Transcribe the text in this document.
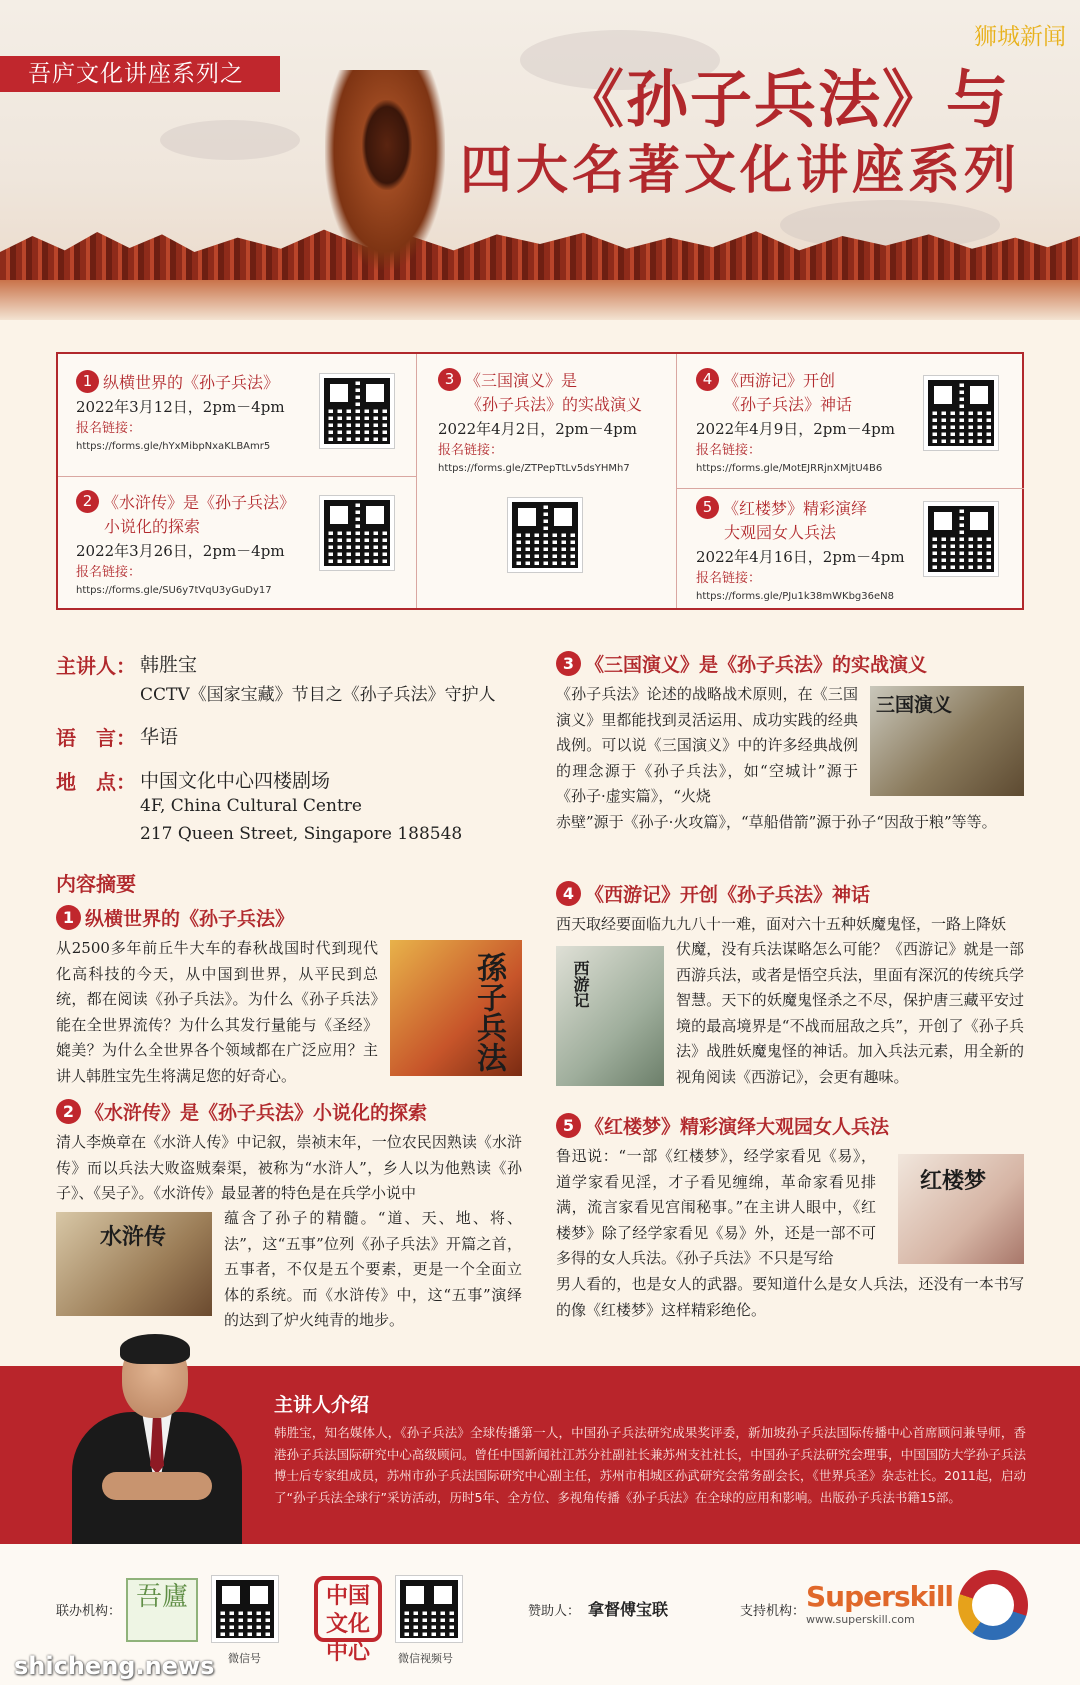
吾庐文化讲座系列之	《孙子兵法》与
四大名著文化讲座系列
狮城新闻
1 纵横世界的《孙子兵法》
2022年3月12日，2pm－4pm
报名链接：
https://forms.gle/hYxMibpNxaKLBAmr5
2 《水浒传》是《孙子兵法》
小说化的探索
2022年3月26日，2pm－4pm
报名链接：
https://forms.gle/SU6y7tVqU3yGuDy17
3 《三国演义》是
《孙子兵法》的实战演义
2022年4月2日，2pm－4pm
报名链接：
https://forms.gle/ZTPepTtLv5dsYHMh7
4 《西游记》开创
《孙子兵法》神话
2022年4月9日，2pm－4pm
报名链接：
https://forms.gle/MotEJRRjnXMjtU4B6
5 《红楼梦》精彩演绎
大观园女人兵法
2022年4月16日，2pm－4pm
报名链接：
https://forms.gle/PJu1k38mWKbg36eN8
主讲人： 韩胜宝
CCTV《国家宝藏》节目之《孙子兵法》守护人
语　言： 华语
地　点： 中国文化中心四楼剧场
4F, China Cultural Centre
217 Queen Street, Singapore 188548
内容摘要
1 纵横世界的《孙子兵法》
从2500多年前丘牛大车的春秋战国时代到现代化高科技的今天，从中国到世界，从平民到总统，都在阅读《孙子兵法》。为什么《孙子兵法》能在全世界流传？为什么其发行量能与《圣经》媲美？为什么全世界各个领域都在广泛应用？主讲人韩胜宝先生将满足您的好奇心。
孫子兵法
2 《水浒传》是《孙子兵法》小说化的探索
清人李焕章在《水浒人传》中记叙，崇祯末年，一位农民因熟读《水浒传》而以兵法大败盗贼秦渠，被称为“水浒人”，乡人以为他熟读《孙子》、《吴子》。《水浒传》最显著的特色是在兵学小说中
水浒传
蕴含了孙子的精髓。“道、天、地、将、法”，这“五事”位列《孙子兵法》开篇之首，五事者，不仅是五个要素，更是一个全面立体的系统。而《水浒传》中，这“五事”演绎的达到了炉火纯青的地步。
3 《三国演义》是《孙子兵法》的实战演义
《孙子兵法》论述的战略战术原则，在《三国演义》里都能找到灵活运用、成功实践的经典战例。可以说《三国演义》中的许多经典战例的理念源于《孙子兵法》，如“空城计”源于《孙子·虚实篇》，“火烧
三国演义
赤壁”源于《孙子·火攻篇》，“草船借箭”源于孙子“因敌于粮”等等。
4 《西游记》开创《孙子兵法》神话
西天取经要面临九九八十一难，面对六十五种妖魔鬼怪，一路上降妖
西游记
伏魔，没有兵法谋略怎么可能？《西游记》就是一部西游兵法，或者是悟空兵法，里面有深沉的传统兵学智慧。天下的妖魔鬼怪杀之不尽，保护唐三藏平安过境的最高境界是“不战而屈敌之兵”，开创了《孙子兵法》战胜妖魔鬼怪的神话。加入兵法元素，用全新的视角阅读《西游记》，会更有趣味。
5 《红楼梦》精彩演绎大观园女人兵法
鲁迅说：“一部《红楼梦》，经学家看见《易》，道学家看见淫，才子看见缠绵，革命家看见排满，流言家看见宫闱秘事。”在主讲人眼中，《红楼梦》除了经学家看见《易》外，还是一部不可多得的女人兵法。《孙子兵法》不只是写给
红楼梦
男人看的，也是女人的武器。要知道什么是女人兵法，还没有一本书写的像《红楼梦》这样精彩绝伦。
主讲人介绍
韩胜宝，知名媒体人，《孙子兵法》全球传播第一人，中国孙子兵法研究成果奖评委，新加坡孙子兵法国际传播中心首席顾问兼导师，香港孙子兵法国际研究中心高级顾问。曾任中国新闻社江苏分社副社长兼苏州支社社长，中国孙子兵法研究会理事，中国国防大学孙子兵法博士后专家组成员，苏州市孙子兵法国际研究中心副主任，苏州市相城区孙武研究会常务副会长，《世界兵圣》杂志社长。2011起，启动了“孙子兵法全球行”采访活动，历时5年、全方位、多视角传播《孙子兵法》在全球的应用和影响。出版孙子兵法书籍15部。
联办机构： 吾廬
微信号
中国文化中心	微信视频号
赞助人： 拿督傅宝联	支持机构： Superskill
www.superskill.com
shicheng.news
